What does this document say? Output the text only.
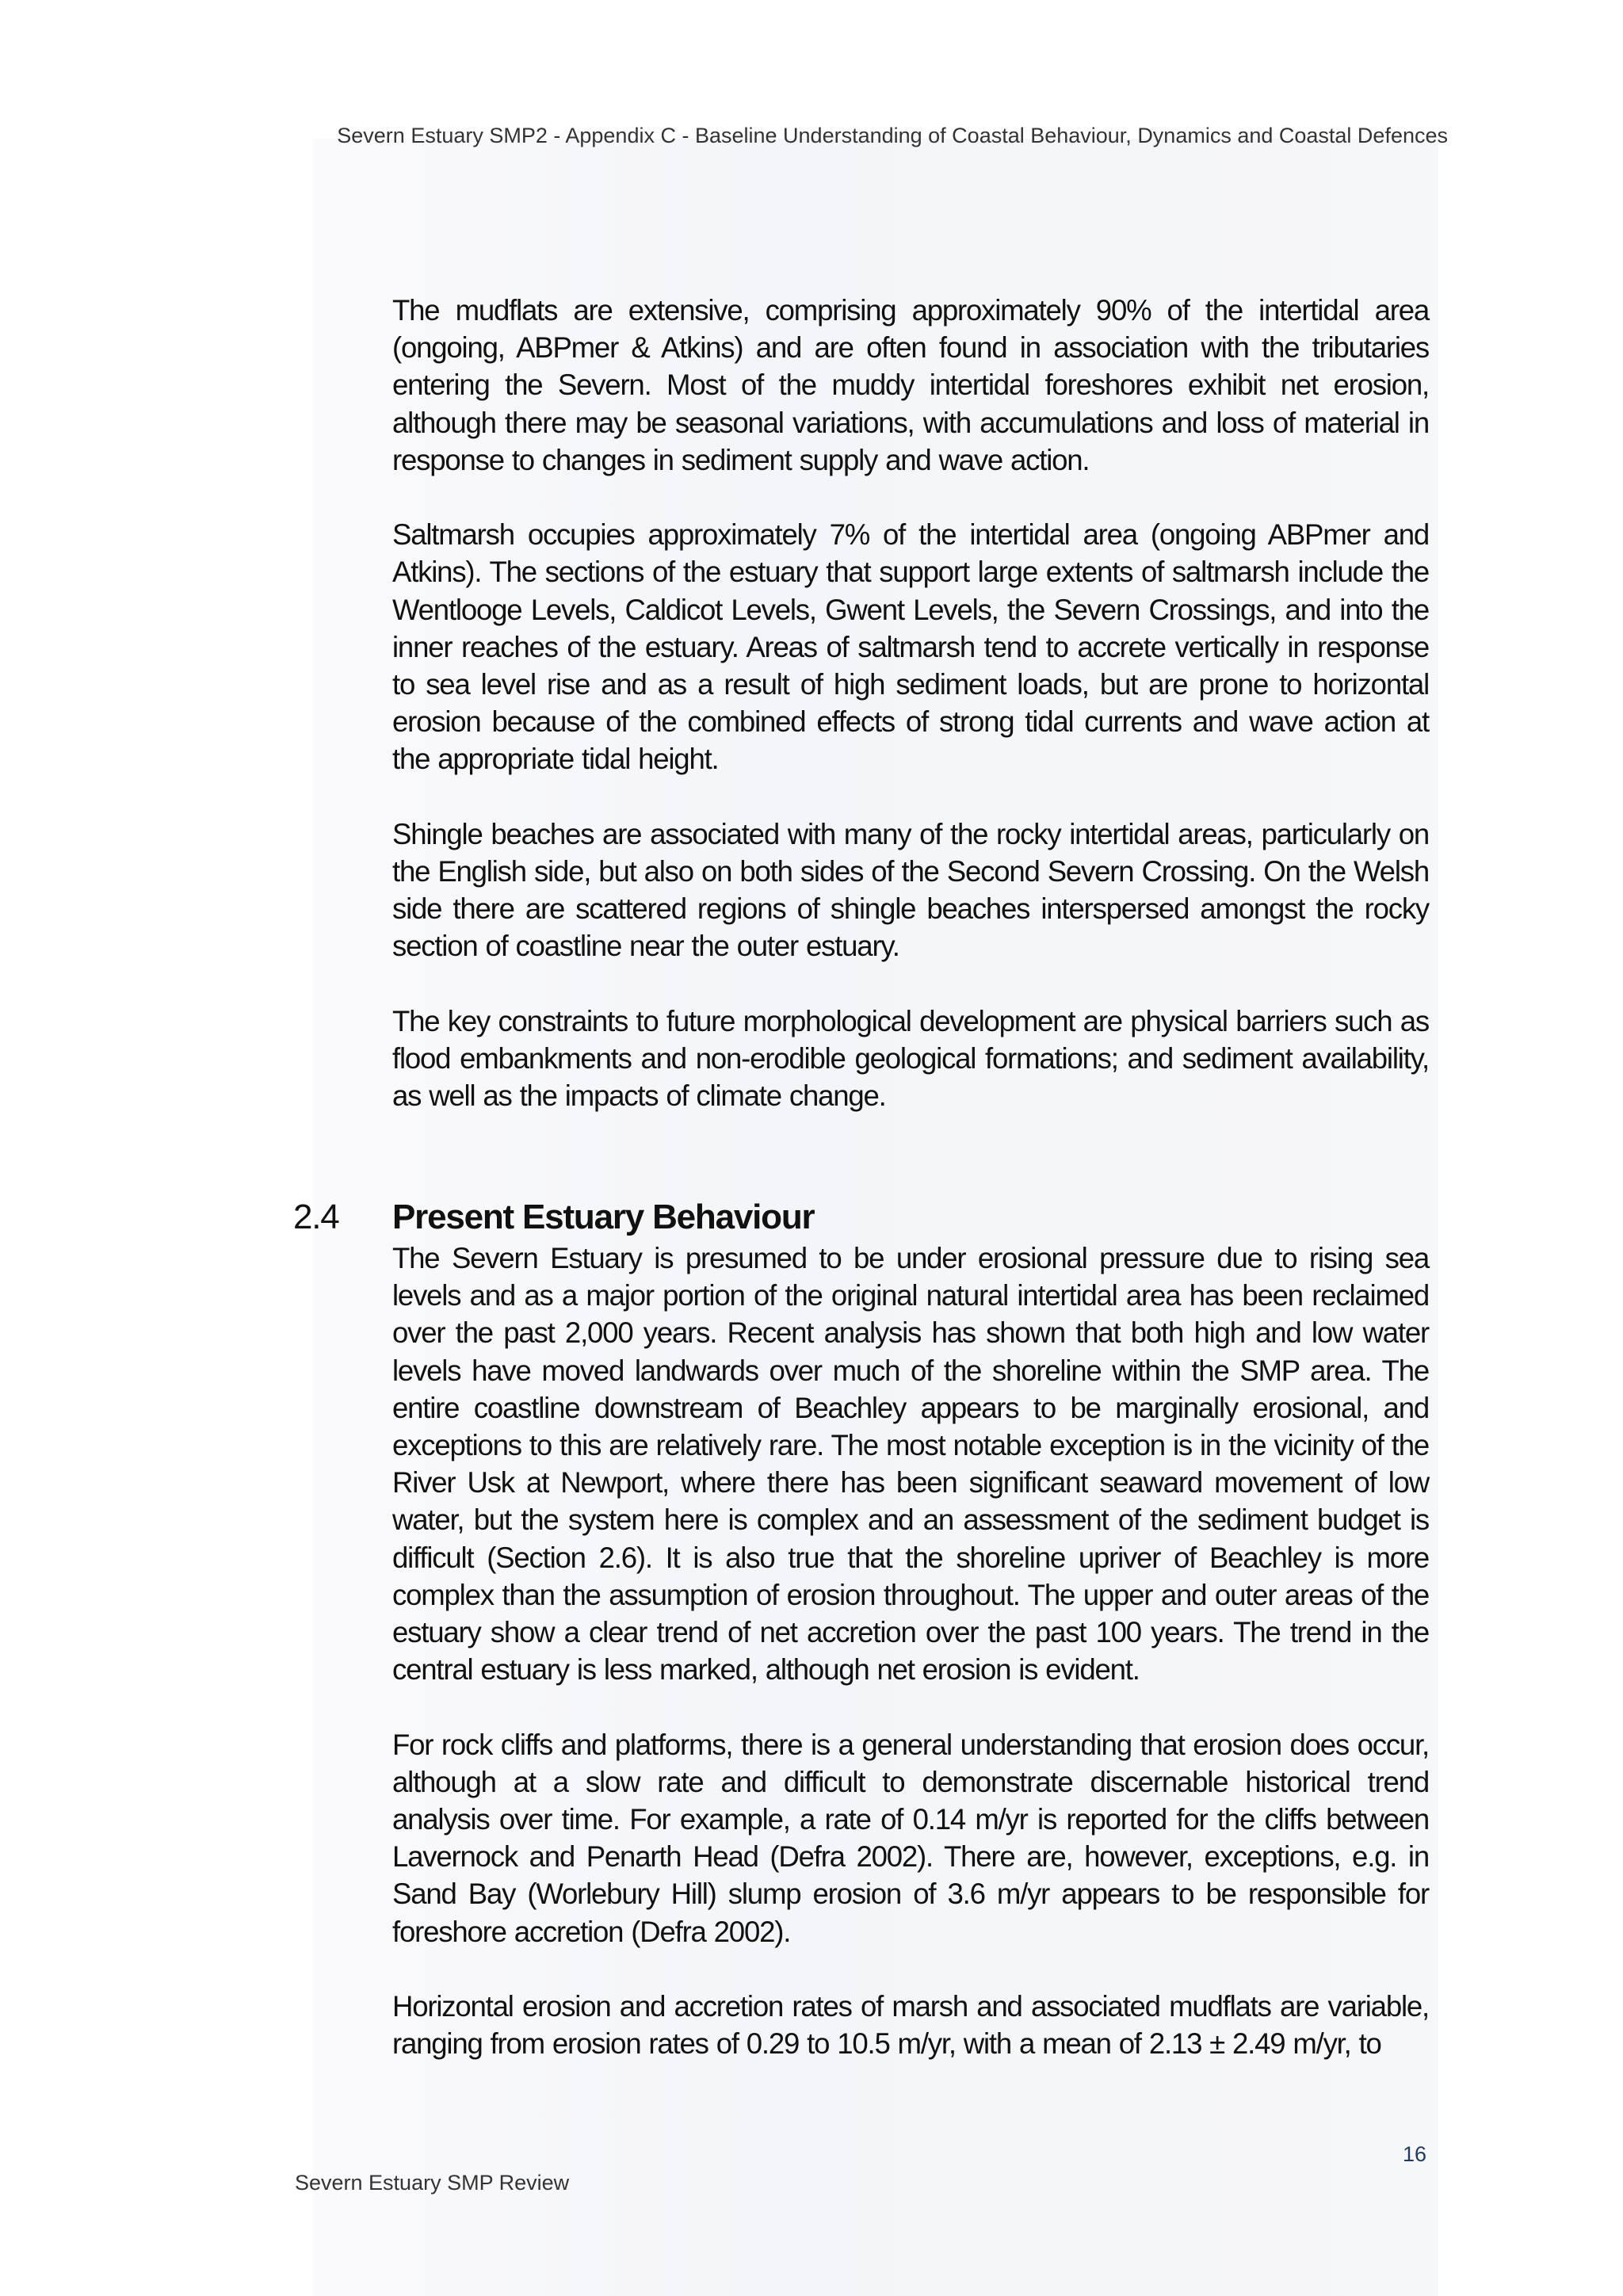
Severn Estuary SMP2 - Appendix C - Baseline Understanding of Coastal Behaviour, Dynamics and Coastal Defences

The mudflats are extensive, comprising approximately 90% of the intertidal area (ongoing, ABPmer & Atkins) and are often found in association with the tributaries entering the Severn. Most of the muddy intertidal foreshores exhibit net erosion, although there may be seasonal variations, with accumulations and loss of material in response to changes in sediment supply and wave action.

Saltmarsh occupies approximately 7% of the intertidal area (ongoing ABPmer and Atkins). The sections of the estuary that support large extents of saltmarsh include the Wentlooge Levels, Caldicot Levels, Gwent Levels, the Severn Crossings, and into the inner reaches of the estuary. Areas of saltmarsh tend to accrete vertically in response to sea level rise and as a result of high sediment loads, but are prone to horizontal erosion because of the combined effects of strong tidal currents and wave action at the appropriate tidal height.

Shingle beaches are associated with many of the rocky intertidal areas, particularly on the English side, but also on both sides of the Second Severn Crossing. On the Welsh side there are scattered regions of shingle beaches interspersed amongst the rocky section of coastline near the outer estuary.

The key constraints to future morphological development are physical barriers such as flood embankments and non-erodible geological formations; and sediment availability, as well as the impacts of climate change.

2.4	Present Estuary Behaviour

The Severn Estuary is presumed to be under erosional pressure due to rising sea levels and as a major portion of the original natural intertidal area has been reclaimed over the past 2,000 years. Recent analysis has shown that both high and low water levels have moved landwards over much of the shoreline within the SMP area. The entire coastline downstream of Beachley appears to be marginally erosional, and exceptions to this are relatively rare. The most notable exception is in the vicinity of the River Usk at Newport, where there has been significant seaward movement of low water, but the system here is complex and an assessment of the sediment budget is difficult (Section 2.6). It is also true that the shoreline upriver of Beachley is more complex than the assumption of erosion throughout. The upper and outer areas of the estuary show a clear trend of net accretion over the past 100 years. The trend in the central estuary is less marked, although net erosion is evident.

For rock cliffs and platforms, there is a general understanding that erosion does occur, although at a slow rate and difficult to demonstrate discernable historical trend analysis over time. For example, a rate of 0.14 m/yr is reported for the cliffs between Lavernock and Penarth Head (Defra 2002). There are, however, exceptions, e.g. in Sand Bay (Worlebury Hill) slump erosion of 3.6 m/yr appears to be responsible for foreshore accretion (Defra 2002).

Horizontal erosion and accretion rates of marsh and associated mudflats are variable, ranging from erosion rates of 0.29 to 10.5 m/yr, with a mean of 2.13 ± 2.49 m/yr, to

16
Severn Estuary SMP Review
